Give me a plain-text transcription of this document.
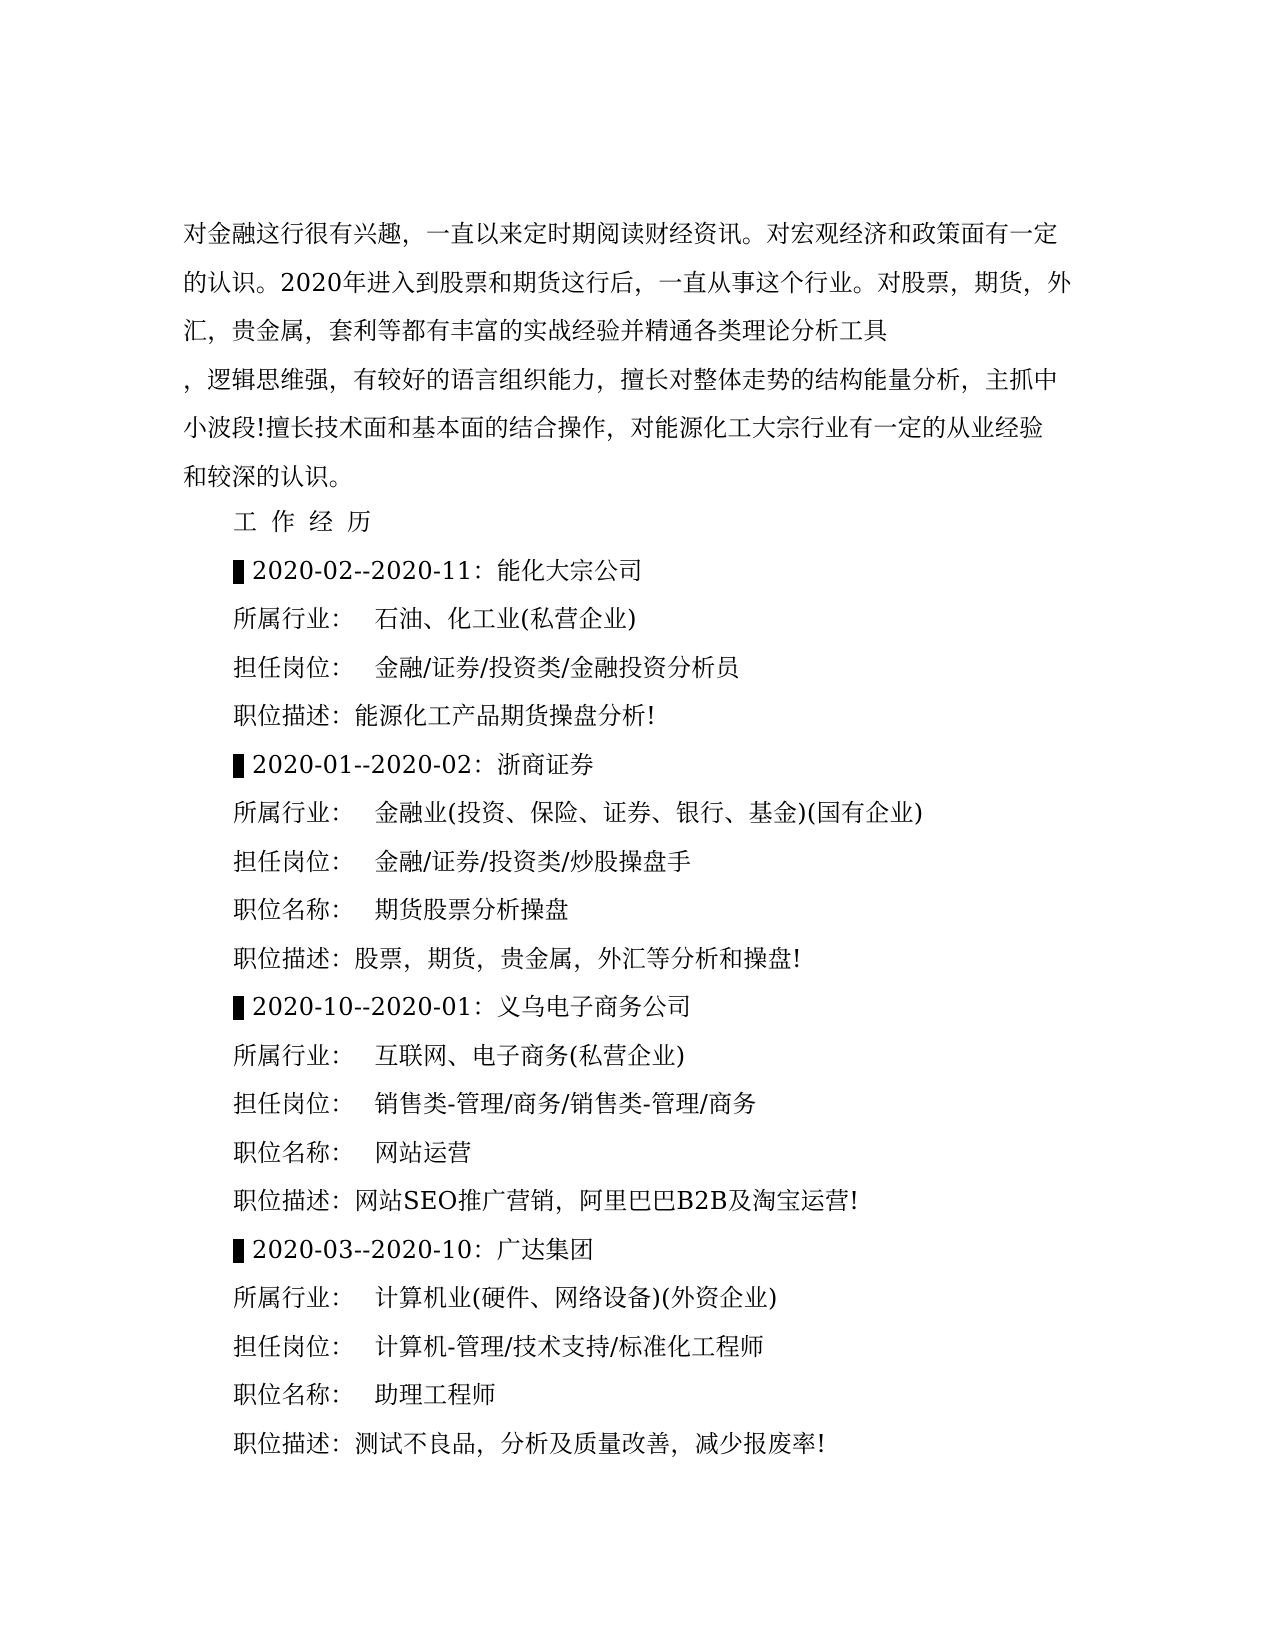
对金融这行很有兴趣，一直以来定时期阅读财经资讯。对宏观经济和政策面有一定
的认识。2020年进入到股票和期货这行后，一直从事这个行业。对股票，期货，外
汇，贵金属，套利等都有丰富的实战经验并精通各类理论分析工具
，逻辑思维强，有较好的语言组织能力，擅长对整体走势的结构能量分析，主抓中
小波段!擅长技术面和基本面的结合操作，对能源化工大宗行业有一定的从业经验
和较深的认识。
工作经历
2020-02--2020-11：能化大宗公司
所属行业： 石油、化工业(私营企业)
担任岗位： 金融/证券/投资类/金融投资分析员
职位描述：能源化工产品期货操盘分析!
2020-01--2020-02：浙商证券
所属行业： 金融业(投资、保险、证券、银行、基金)(国有企业)
担任岗位： 金融/证券/投资类/炒股操盘手
职位名称： 期货股票分析操盘
职位描述：股票，期货，贵金属，外汇等分析和操盘!
2020-10--2020-01：义乌电子商务公司
所属行业： 互联网、电子商务(私营企业)
担任岗位： 销售类-管理/商务/销售类-管理/商务
职位名称： 网站运营
职位描述：网站SEO推广营销，阿里巴巴B2B及淘宝运营!
2020-03--2020-10：广达集团
所属行业： 计算机业(硬件、网络设备)(外资企业)
担任岗位： 计算机-管理/技术支持/标准化工程师
职位名称： 助理工程师
职位描述：测试不良品，分析及质量改善，减少报废率!
